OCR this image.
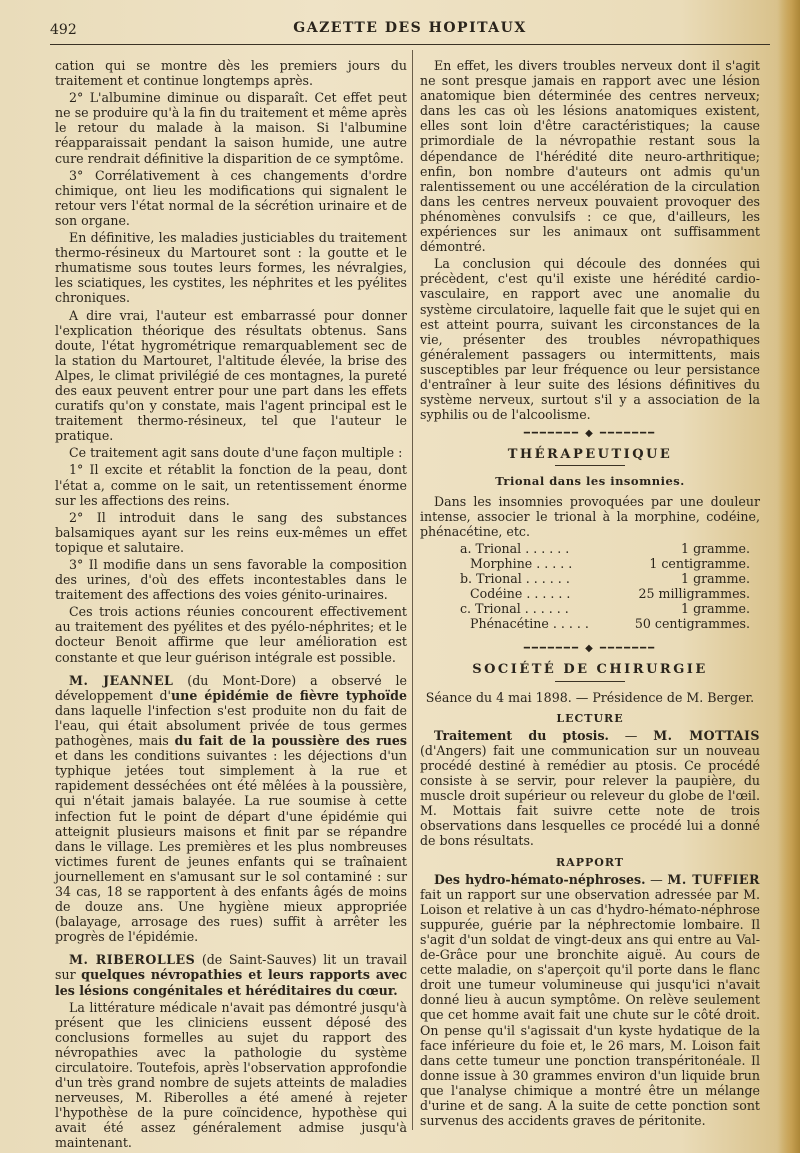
492	GAZETTE DES HOPITAUX

cation qui se montre dès les premiers jours du traitement et continue longtemps après.

2° L'albumine diminue ou disparaît. Cet effet peut ne se produire qu'à la fin du traitement et même après le retour du malade à la maison. Si l'albumine réapparaissait pendant la saison humide, une autre cure rendrait définitive la disparition de ce symptôme.

3° Corrélativement à ces changements d'ordre chimique, ont lieu les modifications qui signalent le retour vers l'état normal de la sécrétion urinaire et de son organe.

En définitive, les maladies justiciables du traitement thermo-résineux du Martouret sont : la goutte et le rhumatisme sous toutes leurs formes, les névralgies, les sciatiques, les cystites, les néphrites et les pyélites chroniques.

A dire vrai, l'auteur est embarrassé pour donner l'explication théorique des résultats obtenus. Sans doute, l'état hygrométrique remarquablement sec de la station du Martouret, l'altitude élevée, la brise des Alpes, le climat privilégié de ces montagnes, la pureté des eaux peuvent entrer pour une part dans les effets curatifs qu'on y constate, mais l'agent principal est le traitement thermo-résineux, tel que l'auteur le pratique.

Ce traitement agit sans doute d'une façon multiple :

1° Il excite et rétablit la fonction de la peau, dont l'état a, comme on le sait, un retentissement énorme sur les affections des reins.

2° Il introduit dans le sang des substances balsamiques ayant sur les reins eux-mêmes un effet topique et salutaire.

3° Il modifie dans un sens favorable la composition des urines, d'où des effets incontestables dans le traitement des affections des voies génito-urinaires.

Ces trois actions réunies concourent effectivement au traitement des pyélites et des pyélo-néphrites; et le docteur Benoit affirme que leur amélioration est constante et que leur guérison intégrale est possible.

M. JEANNEL (du Mont-Dore) a observé le développement d'une épidémie de fièvre typhoïde dans laquelle l'infection s'est produite non du fait de l'eau, qui était absolument privée de tous germes pathogènes, mais du fait de la poussière des rues et dans les conditions suivantes : les déjections d'un typhique jetées tout simplement à la rue et rapidement desséchées ont été mêlées à la poussière, qui n'était jamais balayée. La rue soumise à cette infection fut le point de départ d'une épidémie qui atteignit plusieurs maisons et finit par se répandre dans le village. Les premières et les plus nombreuses victimes furent de jeunes enfants qui se traînaient journellement en s'amusant sur le sol contaminé : sur 34 cas, 18 se rapportent à des enfants âgés de moins de douze ans. Une hygiène mieux appropriée (balayage, arrosage des rues) suffit à arrêter les progrès de l'épidémie.

M. RIBEROLLES (de Saint-Sauves) lit un travail sur quelques névropathies et leurs rapports avec les lésions congénitales et héréditaires du cœur.

La littérature médicale n'avait pas démontré jusqu'à présent que les cliniciens eussent déposé des conclusions formelles au sujet du rapport des névropathies avec la pathologie du système circulatoire. Toutefois, après l'observation approfondie d'un très grand nombre de sujets atteints de maladies nerveuses, M. Riberolles a été amené à rejeter l'hypothèse de la pure coïncidence, hypothèse qui avait été assez généralement admise jusqu'à maintenant.

En effet, les divers troubles nerveux dont il s'agit ne sont presque jamais en rapport avec une lésion anatomique bien déterminée des centres nerveux; dans les cas où les lésions anatomiques existent, elles sont loin d'être caractéristiques; la cause primordiale de la névropathie restant sous la dépendance de l'hérédité dite neuro-arthritique; enfin, bon nombre d'auteurs ont admis qu'un ralentissement ou une accélération de la circulation dans les centres nerveux pouvaient provoquer des phénomènes convulsifs : ce que, d'ailleurs, les expériences sur les animaux ont suffisamment démontré.

La conclusion qui découle des données qui précèdent, c'est qu'il existe une hérédité cardio-vasculaire, en rapport avec une anomalie du système circulatoire, laquelle fait que le sujet qui en est atteint pourra, suivant les circonstances de la vie, présenter des troubles névropathiques généralement passagers ou intermittents, mais susceptibles par leur fréquence ou leur persistance d'entraîner à leur suite des lésions définitives du système nerveux, surtout s'il y a association de la syphilis ou de l'alcoolisme.

━━━━━━━ ◆ ━━━━━━━
THÉRAPEUTIQUE
Trional dans les insomnies.

Dans les insomnies provoquées par une douleur intense, associer le trional à la morphine, codéine, phénacétine, etc.

a. Trional . . . . . .	1 gramme.
Morphine . . . . .	1 centigramme.
b. Trional . . . . . .	1 gramme.
Codéine . . . . . .	25 milligrammes.
c. Trional . . . . . .	1 gramme.
Phénacétine . . . . .	50 centigrammes.
━━━━━━━ ◆ ━━━━━━━
SOCIÉTÉ DE CHIRURGIE

Séance du 4 mai 1898. — Présidence de M. Berger.

LECTURE

Traitement du ptosis. — M. MOTTAIS (d'Angers) fait une communication sur un nouveau procédé destiné à remédier au ptosis. Ce procédé consiste à se servir, pour relever la paupière, du muscle droit supérieur ou releveur du globe de l'œil. M. Mottais fait suivre cette note de trois observations dans lesquelles ce procédé lui a donné de bons résultats.

RAPPORT

Des hydro-hémato-néphroses. — M. TUFFIER fait un rapport sur une observation adressée par M. Loison et relative à un cas d'hydro-hémato-néphrose suppurée, guérie par la néphrectomie lombaire. Il s'agit d'un soldat de vingt-deux ans qui entre au Val-de-Grâce pour une bronchite aiguë. Au cours de cette maladie, on s'aperçoit qu'il porte dans le flanc droit une tumeur volumineuse qui jusqu'ici n'avait donné lieu à aucun symptôme. On relève seulement que cet homme avait fait une chute sur le côté droit. On pense qu'il s'agissait d'un kyste hydatique de la face inférieure du foie et, le 26 mars, M. Loison fait dans cette tumeur une ponction transpéritonéale. Il donne issue à 30 grammes environ d'un liquide brun que l'analyse chimique a montré être un mélange d'urine et de sang. A la suite de cette ponction sont survenus des accidents graves de péritonite.
